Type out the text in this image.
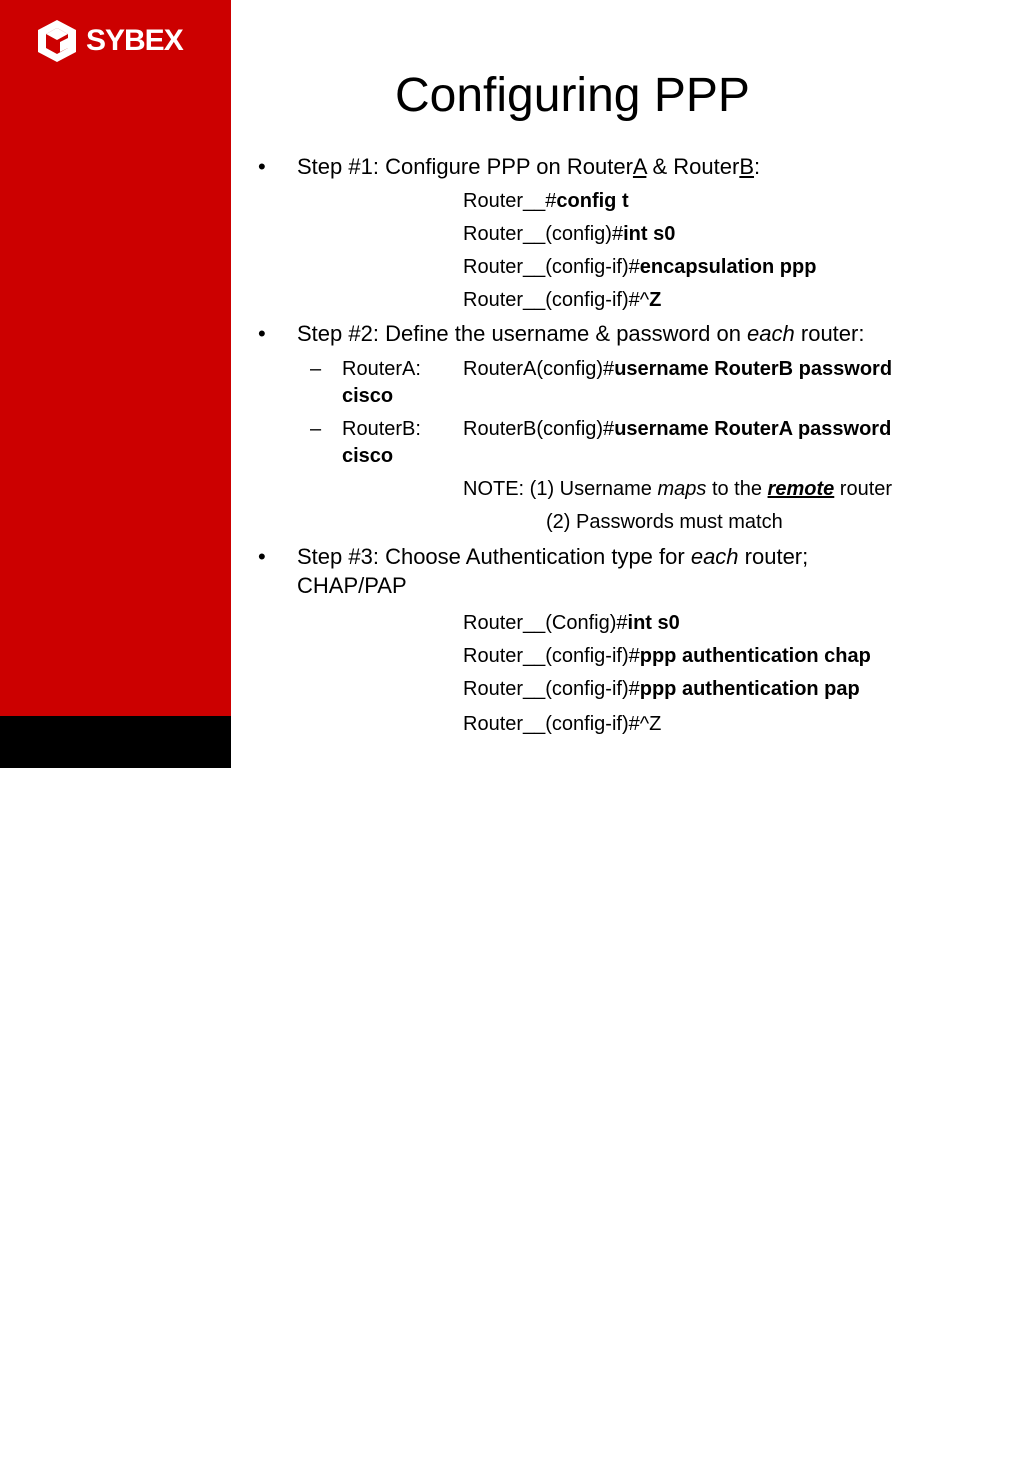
SYBEX
WILEY
Configuring PPP
• Step #1: Configure PPP on RouterA & RouterB:
Router__#config t
Router__(config)#int s0
Router__(config-if)#encapsulation ppp
Router__(config-if)#^Z
• Step #2: Define the username & password on each router:
– RouterA: RouterA(config)#username RouterB password
cisco
– RouterB: RouterB(config)#username RouterA password
cisco
NOTE: (1) Username maps to the remote router
(2) Passwords must match
• Step #3: Choose Authentication type for each router;
CHAP/PAP
Router__(Config)#int s0
Router__(config-if)#ppp authentication chap
Router__(config-if)#ppp authentication pap
Router__(config-if)#^Z
